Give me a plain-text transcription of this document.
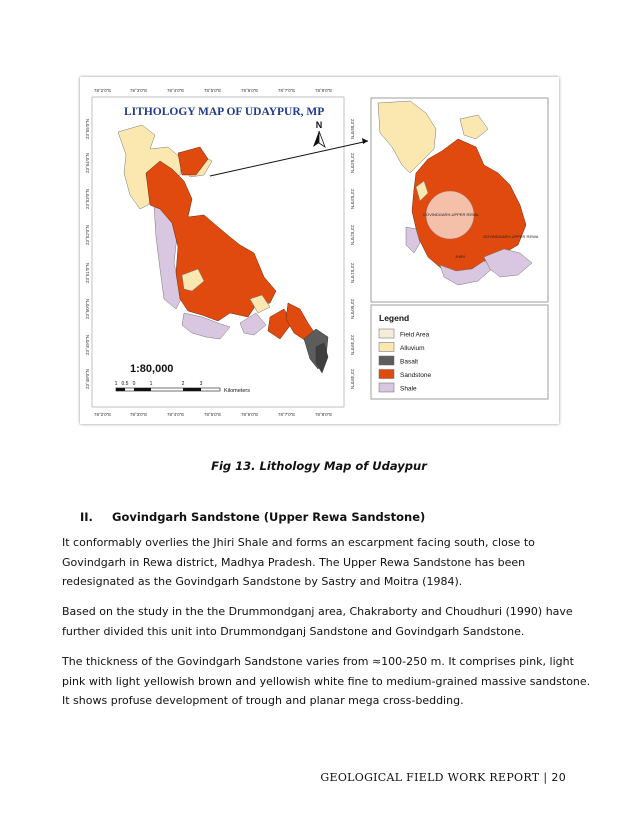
78°2'0"E	78°3'0"E	78°4'0"E	78°5'0"E	78°6'0"E	78°7'0"E	78°8'0"E
78°2'0"E	78°3'0"E	78°4'0"E	78°5'0"E	78°6'0"E	78°7'0"E	78°8'0"E
23°55'0"N
23°54'0"N
23°53'0"N
23°52'0"N
23°51'0"N
23°50'0"N
23°49'0"N
23°48'0"N
23°55'0"N
23°54'0"N
23°53'0"N
23°52'0"N
23°51'0"N
23°50'0"N
23°49'0"N
23°48'0"N
LITHOLOGY MAP OF UDAYPUR, MP
N
1:80,000
1 0.5 0	1	2	3
Kilometers
GOVINDGARH-UPPER REWA
GOVINDGARH-UPPER REWA
JHIRI
Legend
Field Area
Alluvium
Basalt
Sandstone
Shale
Fig 13. Lithology Map of Udaypur
II. Govindgarh Sandstone (Upper Rewa Sandstone)

It conformably overlies the Jhiri Shale and forms an escarpment facing south, close to
Govindgarh in Rewa district, Madhya Pradesh. The Upper Rewa Sandstone has been
redesignated as the Govindgarh Sandstone by Sastry and Moitra (1984).

Based on the study in the the Drummondganj area, Chakraborty and Choudhuri (1990) have
further divided this unit into Drummondganj Sandstone and Govindgarh Sandstone.

The thickness of the Govindgarh Sandstone varies from ≈100-250 m. It comprises pink, light
pink with light yellowish brown and yellowish white fine to medium-grained massive sandstone.
It shows profuse development of trough and planar mega cross-bedding.

GEOLOGICAL FIELD WORK REPORT | 20
